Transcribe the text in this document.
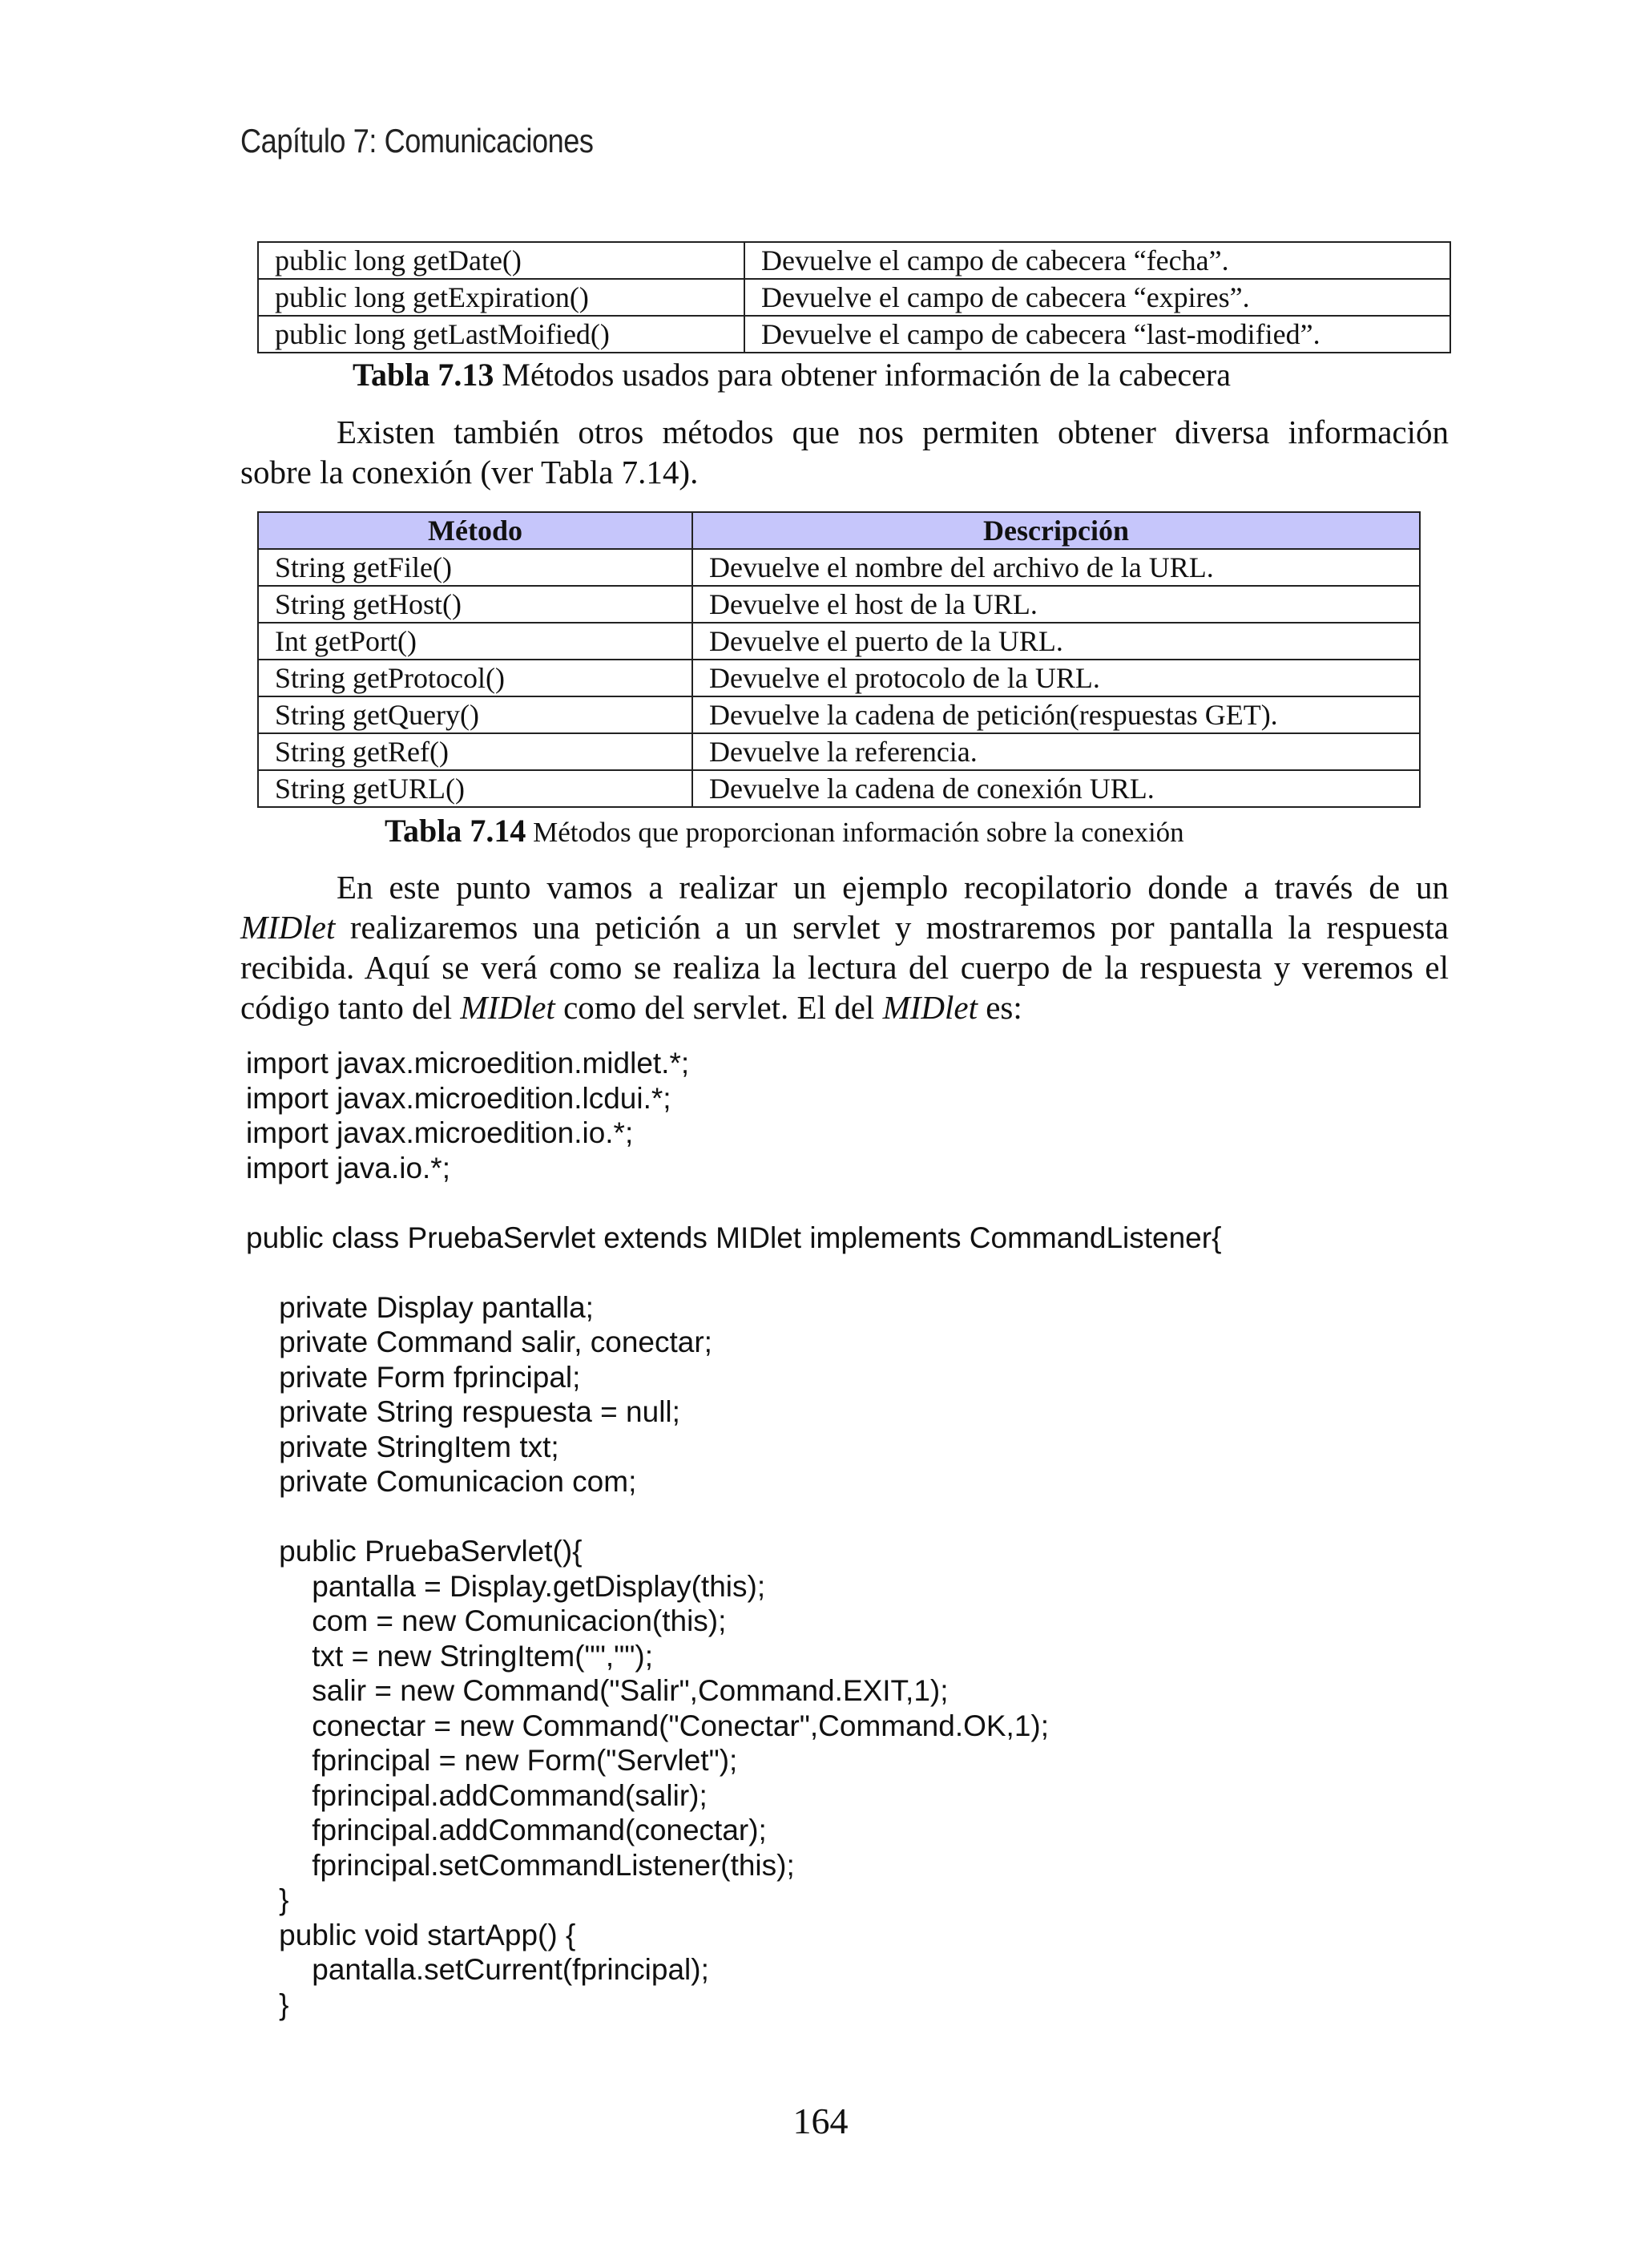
Capítulo 7: Comunicaciones
public long getDate()	Devuelve el campo de cabecera “fecha”.
public long getExpiration()	Devuelve el campo de cabecera “expires”.
public long getLastMoified()	Devuelve el campo de cabecera “last-modified”.
Tabla 7.13 Métodos usados para obtener información de la cabecera
Existen también otros métodos que nos permiten obtener diversa información
sobre la conexión (ver Tabla 7.14).
Método	Descripción
String getFile()	Devuelve el nombre del archivo de la URL.
String getHost()	Devuelve el host de la URL.
Int getPort()	Devuelve el puerto de la URL.
String getProtocol()	Devuelve el protocolo de la URL.
String getQuery()	Devuelve la cadena de petición(respuestas GET).
String getRef()	Devuelve la referencia.
String getURL()	Devuelve la cadena de conexión URL.
Tabla 7.14 Métodos que proporcionan información sobre la conexión
En este punto vamos a realizar un ejemplo recopilatorio donde a través de un
MIDlet realizaremos una petición a un servlet y mostraremos por pantalla la respuesta
recibida. Aquí se verá como se realiza la lectura del cuerpo de la respuesta y veremos el
código tanto del MIDlet como del servlet. El del MIDlet es:
import javax.microedition.midlet.*;
import javax.microedition.lcdui.*;
import javax.microedition.io.*;
import java.io.*;
public class PruebaServlet extends MIDlet implements CommandListener{
private Display pantalla;
private Command salir, conectar;
private Form fprincipal;
private String respuesta = null;
private StringItem txt;
private Comunicacion com;
public PruebaServlet(){
pantalla = Display.getDisplay(this);
com = new Comunicacion(this);
txt = new StringItem("","");
salir = new Command("Salir",Command.EXIT,1);
conectar = new Command("Conectar",Command.OK,1);
fprincipal = new Form("Servlet");
fprincipal.addCommand(salir);
fprincipal.addCommand(conectar);
fprincipal.setCommandListener(this);
}
public void startApp() {
pantalla.setCurrent(fprincipal);
}
164
